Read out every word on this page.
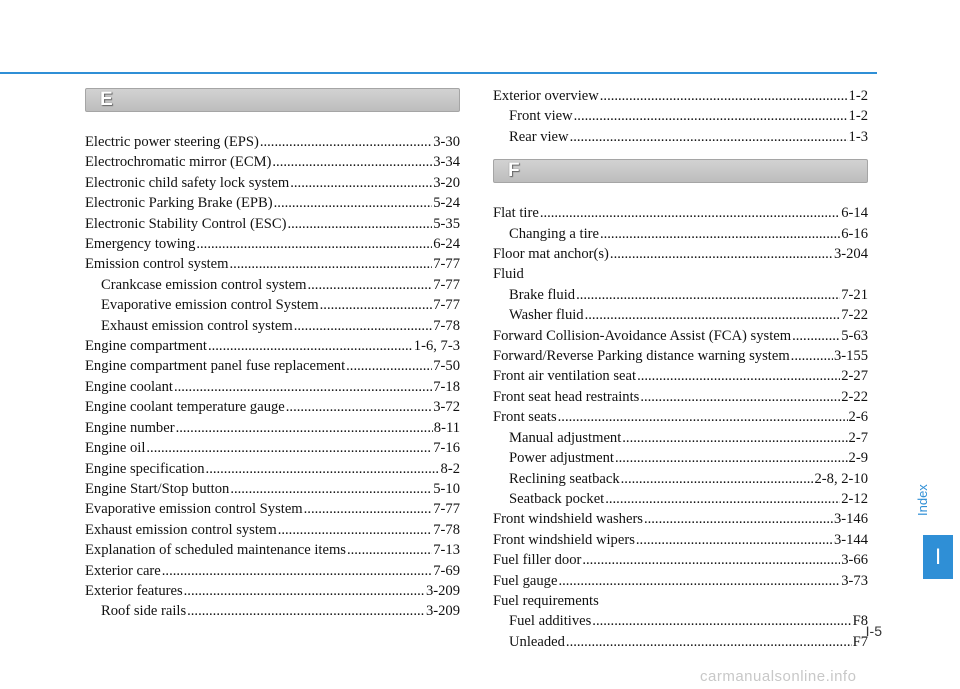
E
Electric power steering (EPS) .....	3-30
Electrochromatic mirror (ECM) .....	3-34
Electronic child safety lock system .....	3-20
Electronic Parking Brake (EPB) .....	5-24
Electronic Stability Control (ESC) .....	5-35
Emergency towing .....	6-24
Emission control system .....	7-77
Crankcase emission control system .....	7-77
Evaporative emission control System .....	7-77
Exhaust emission control system .....	7-78
Engine compartment .....	1-6, 7-3
Engine compartment panel fuse replacement .....	7-50
Engine coolant .....	7-18
Engine coolant temperature gauge .....	3-72
Engine number .....	8-11
Engine oil .....	7-16
Engine specification .....	8-2
Engine Start/Stop button .....	5-10
Evaporative emission control System .....	7-77
Exhaust emission control system .....	7-78
Explanation of scheduled maintenance items .....	7-13
Exterior care .....	7-69
Exterior features .....	3-209
Roof side rails .....	3-209
Exterior overview .....	1-2
Front view .....	1-2
Rear view .....	1-3
F
Flat tire .....	6-14
Changing a tire .....	6-16
Floor mat anchor(s) .....	3-204
Fluid
Brake fluid .....	7-21
Washer fluid .....	7-22
Forward Collision-Avoidance Assist (FCA) system .....	5-63
Forward/Reverse Parking distance warning system .....	3-155
Front air ventilation seat .....	2-27
Front seat head restraints .....	2-22
Front seats .....	2-6
Manual adjustment .....	2-7
Power adjustment .....	2-9
Reclining seatback .....	2-8, 2-10
Seatback pocket .....	2-12
Front windshield washers .....	3-146
Front windshield wipers .....	3-144
Fuel filler door .....	3-66
Fuel gauge .....	3-73
Fuel requirements
Fuel additives .....	F8
Unleaded .....	F7
Index
I
I-5
carmanualsonline.info
